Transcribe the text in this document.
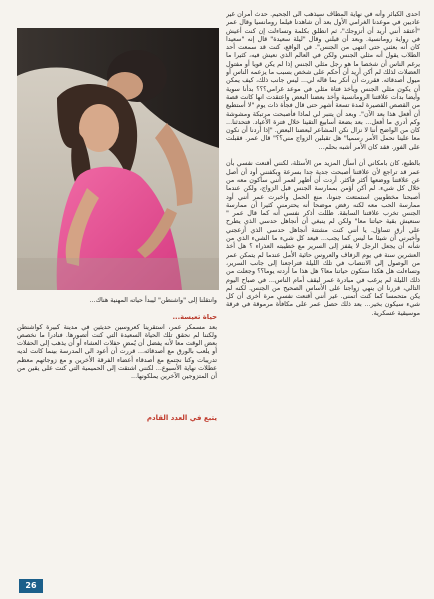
احدى الكبائر وأنه في نهاية المطاف سيذهب الى الجحيم. حدث أمران غير عاديين في موعدنا الغرامي الأول بعد أن شاهدنا فيلما رومانسيا وقال عمر "أعتقد أنني أريد أن أتزوجك"، ثم انطلق بكلمة وتساءلت إن كنت أعيش في رواية رومانسية. وبعد أن قبلني وقال "ليلة سعيدة" قال إنه "سعيدا كان أنه بعثني حتى انتهى من الجنس". في الواقع، كنت قد سمعت أحد الطلاب يقول أنه مثلي الجنس ولكن في العالم الذي نعيش فيه، كثيرا ما يرغم الناس أن شخصا ما هو رجل مثلي الجنس إذا لم يكن قويا أو مفتول العضلات لذلك لم أكن أريد أن أحكم على شخص بسبب ما يزعمه الناس أو ميول أصدقائه. فقررت أن أنكر بما قاله لي... ليس جانب ذلك، كيف يمكن أن يكون مثلي الجنس ويأخذ فتاة مثلي في موعد غرامي؟؟؟ بدأنا سوية وأيضا بدأت علاقتنا الرومانسية وأخذ بعضنا البعض واعتقدت انها كانت قصة من القصص القصيرة لمدة تسعة أشهر حتى قال فجأة ذات يوم "لا أستطيع أن أفعل هذا بعد الآن". وبعد أن يتنبر لي لماذا فأصبحت مرتبكة ومشوشة وكم أدري ما أفعل... بعد بضعة أسابيع التقينا خلال فترة الأعياد. فتحدثنا... كان من الواضح أننا لا نزال نكن المشاعر لبعضنا البعض. "إذا أردنا أن نكون معا علينا نحمل الأمر رسميا" هل تقبلين الزواج مني؟؟" قال عمر. فقبلت على الفور. فقد كان الأمر أشبه بحلم...

بالطبع، كان بامكاني أن أسأل المزيد من الأسئلة، لكنني أقنعت نفسي بأن عمر قد تراجع لأن علاقتنا أصبحت جدية جدا بسرعة وبكفنني أود أن أصل عن علاقتنا ووضعها أكثر فأكثر. أردت أن أظهر لعمر أنني سأكون معه من خلال كل شيء. لم أكن أؤمن بممارسة الجنس قبل الزواج، ولكن عندما أصبحنا مخطوبين استمتعت جنونا، منع الحمل وأخبرت عمر أنني أود ممارسة الحب معه لكنه رفض موضحا أنه يحترمني كثيرا أن ممارسة الجنس تخرب علاقتنا السابقة. ظللت أذكر نفسي أنه كما قال عمر " سنعيش بقية حياتنا معا" ولكن لم ينبغي أن أنجاهل حدسي الذي يطرح علي أرق تساؤل. يا أنني كنت مشتتة أنجاهل حدسي الذي أزعجني وأخبرني أن شيئا ما ليس كما يجب... فيعد كل شيء ما الشيء الذي من شأنه أن يجعل الرجل لا يقفز إلى السرير مع خطيبته العذراء ؟ هل أخذ العشرين سنة في يوم الزفاف والعروس حائية الأمل عندما لم يتمكن عمر من الوصول إلى الانتصاب في تلك الليلة فتراجعنا إلى جانب السرير، وتساءلت هل هكذا ستكون حياتنا معا؟ هل هذا ما أردته يوما؟؟ وجعلت من ذلك الليلة لم يرغب في مبادرة عمر ليقف أمام الناس... في صباح اليوم التالي، قررنا ان ينهي زواجنا على الأساس الصحيح من الجنس. لكنه لم يكن متحمسا كما كنت أتمنى. غير أنني أقنعت نفسي مرة أخرى أن كل شيء سيكون بخير... بعد ذلك حصل عمر على مكافأة مرموقة في فرقة موسيقية عسكرية.

وانتقلنا إلى "واشنطن" ليبدأ حياته المهنية هناك...

حياة تعيسة...

بعد مسمكر عمر، استقرينا كعروسين حديثين في مدينة كبيرة كواشنطن ولكننا لم نحقق تلك الحياة السعيدة التي كنت أتصورها. فنادرا ما نخصص بعض الوقت معا لأنه يفضل أن يُمضِ حفلات العشاء أو أن يذهب إلى الحفلات أو يلعب بالورق مع أصدقائه... قررت أن أعود الى المدرسة بينما كانت لديه تدريبات وكنا نجتمع مع أصدقاء أعضاء الفرقة الأخرين و مع زوجاتهم معظم عطلات نهاية الأسبوع... لكنني اشتقت إلى الحميمية التي كنت على يقين من أن المتزوجين الآخرين يملكونها...

يتبع في العدد القادم
26
